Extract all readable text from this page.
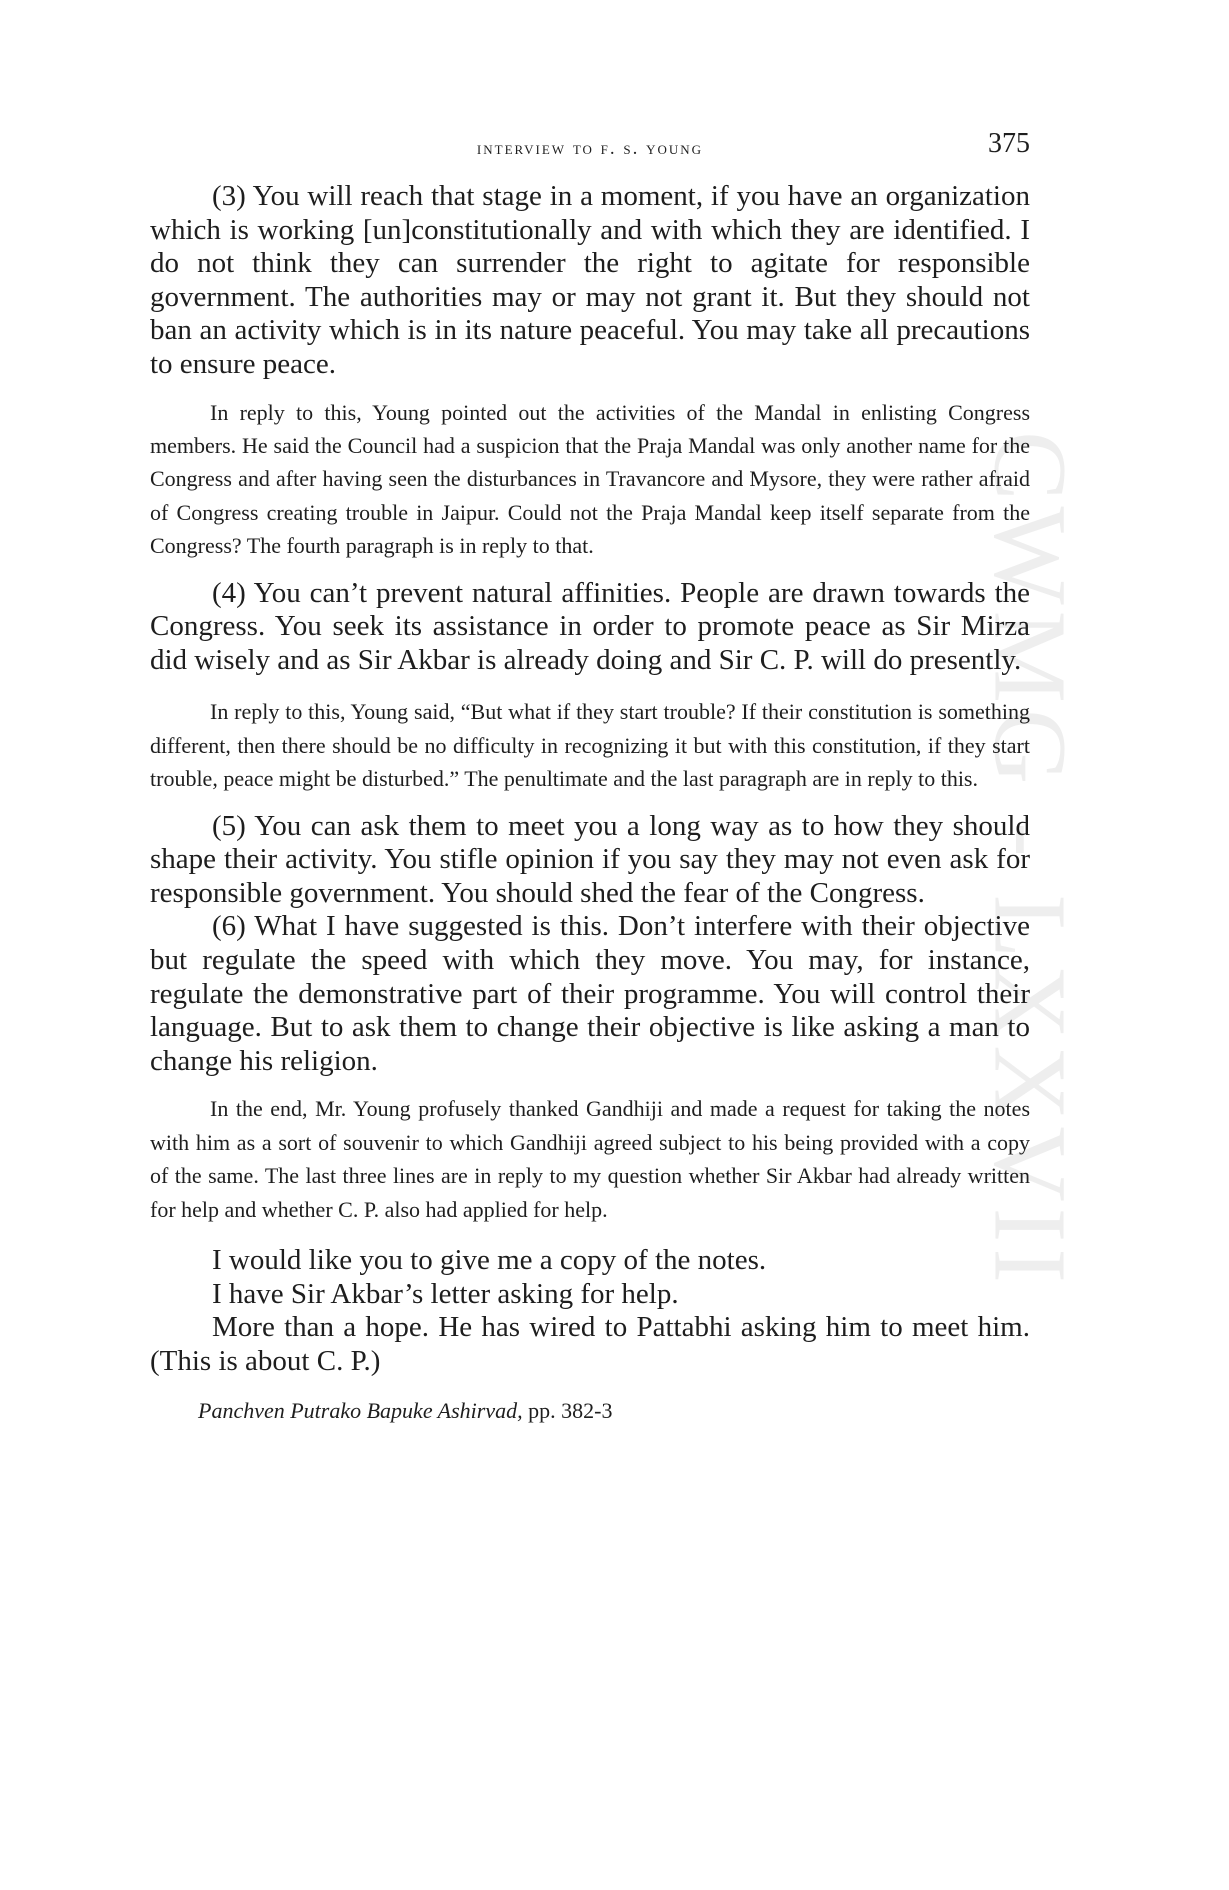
CWMG - LXXVII
interview to f. s. young	375

(3) You will reach that stage in a moment, if you have an organization which is working [un]constitutionally and with which they are identified. I do not think they can surrender the right to agitate for responsible government. The authorities may or may not grant it. But they should not ban an activity which is in its nature peaceful. You may take all precautions to ensure peace.

In reply to this, Young pointed out the activities of the Mandal in enlisting Congress members. He said the Council had a suspicion that the Praja Mandal was only another name for the Congress and after having seen the disturbances in Travancore and Mysore, they were rather afraid of Congress creating trouble in Jaipur. Could not the Praja Mandal keep itself separate from the Congress? The fourth paragraph is in reply to that.

(4) You can’t prevent natural affinities. People are drawn towards the Congress. You seek its assistance in order to promote peace as Sir Mirza did wisely and as Sir Akbar is already doing and Sir C. P. will do presently.

In reply to this, Young said, “But what if they start trouble? If their constitution is something different, then there should be no difficulty in recognizing it but with this constitution, if they start trouble, peace might be disturbed.” The penultimate and the last paragraph are in reply to this.

(5) You can ask them to meet you a long way as to how they should shape their activity. You stifle opinion if you say they may not even ask for responsible government. You should shed the fear of the Congress.

(6) What I have suggested is this. Don’t interfere with their objective but regulate the speed with which they move. You may, for instance, regulate the demonstrative part of their programme. You will control their language. But to ask them to change their objective is like asking a man to change his religion.

In the end, Mr. Young profusely thanked Gandhiji and made a request for taking the notes with him as a sort of souvenir to which Gandhiji agreed subject to his being provided with a copy of the same. The last three lines are in reply to my question whether Sir Akbar had already written for help and whether C. P. also had applied for help.

I would like you to give me a copy of the notes.

I have Sir Akbar’s letter asking for help.

More than a hope. He has wired to Pattabhi asking him to meet him. (This is about C. P.)

Panchven Putrako Bapuke Ashirvad, pp. 382-3
